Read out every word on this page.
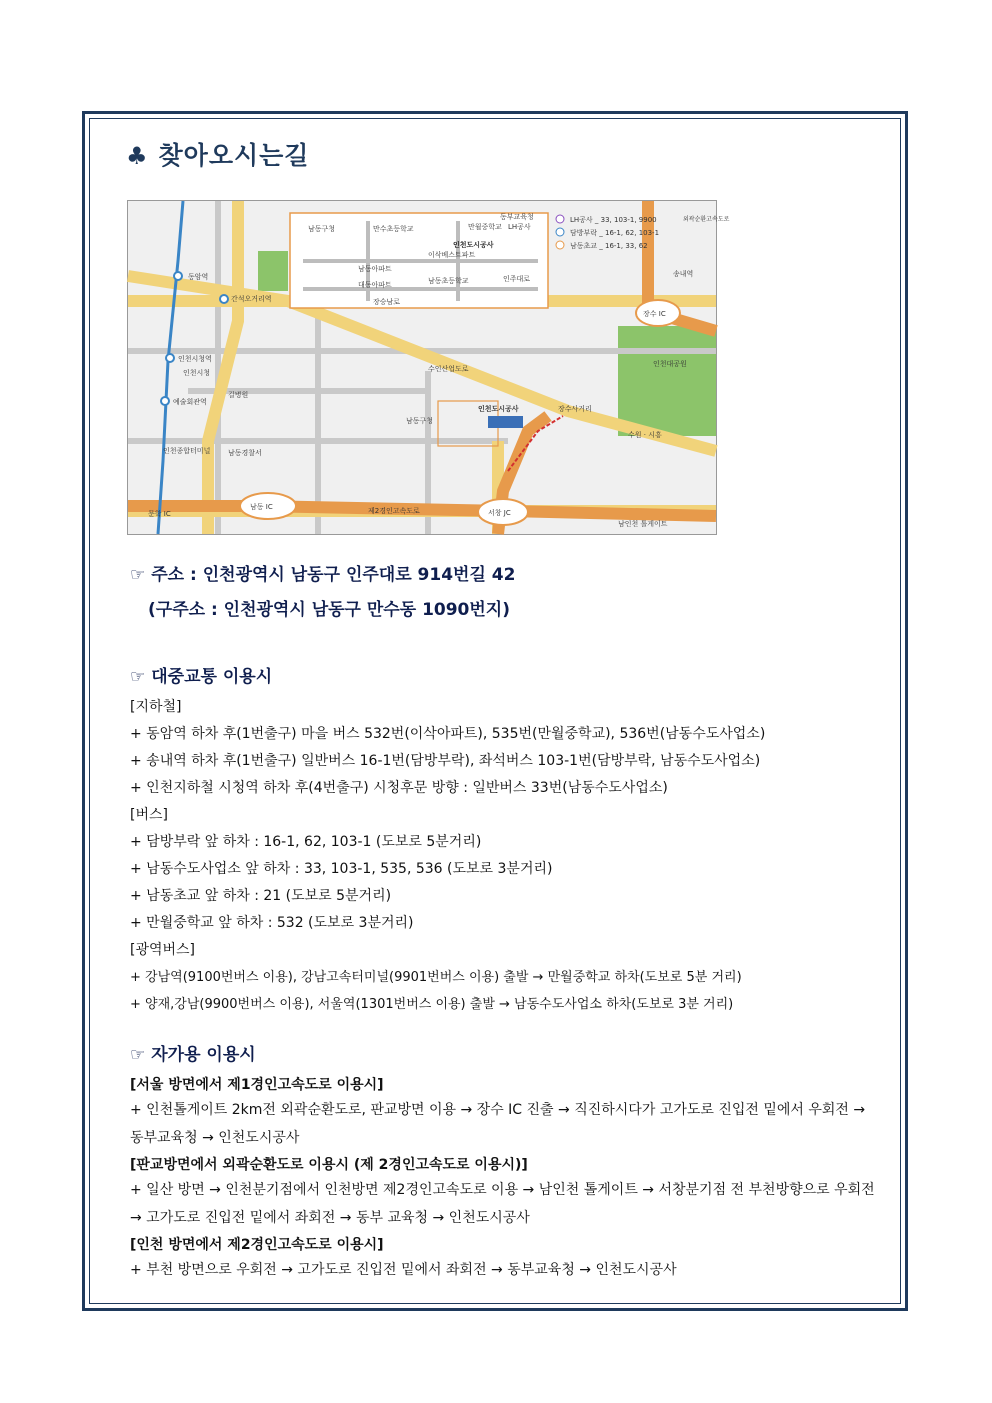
♣ 찾아오시는길
남동구청	만수초등학교	만월중학교 LH공사
동부교육청
인천도시공사
이삭베스트파트
남동아파트
남동초등학교
대동아파트
장승남로
인주대로
LH공사 _ 33, 103-1, 9900
담방부락 _ 16-1, 62, 103-1
남동초교 _ 16-1, 33, 62
동암역
간석오거리역
인천시청역
인천시청
예술회관역
길병원
인천종합터미널	남동경찰서
남동구청
인천도시공사	장수사거리
인천대공원
송내역
장수 IC
남동 IC
서창 JC
제2경인고속도로
수인산업도로
수원 · 시흥
문학 IC
남인천 톨게이트
외곽순환고속도로
☞ 주소 : 인천광역시 남동구 인주대로 914번길 42
(구주소 : 인천광역시 남동구 만수동 1090번지)
☞ 대중교통 이용시
[지하철]
+ 동암역 하차 후(1번출구) 마을 버스 532번(이삭아파트), 535번(만월중학교), 536번(남동수도사업소)
+ 송내역 하차 후(1번출구) 일반버스 16-1번(담방부락), 좌석버스 103-1번(담방부락, 남동수도사업소)
+ 인천지하철 시청역 하차 후(4번출구) 시청후문 방향 : 일반버스 33번(남동수도사업소)
[버스]
+ 담방부락 앞 하차 : 16-1, 62, 103-1 (도보로 5분거리)
+ 남동수도사업소 앞 하차 : 33, 103-1, 535, 536 (도보로 3분거리)
+ 남동초교 앞 하차 : 21 (도보로 5분거리)
+ 만월중학교 앞 하차 : 532 (도보로 3분거리)
[광역버스]
+ 강남역(9100번버스 이용), 강남고속터미널(9901번버스 이용) 출발 → 만월중학교 하차(도보로 5분 거리)
+ 양재,강남(9900번버스 이용), 서울역(1301번버스 이용) 출발 → 남동수도사업소 하차(도보로 3분 거리)
☞ 자가용 이용시
[서울 방면에서 제1경인고속도로 이용시]
+ 인천톨게이트 2km전 외곽순환도로, 판교방면 이용 → 장수 IC 진출 → 직진하시다가 고가도로 진입전 밑에서 우회전 → 동부교육청 → 인천도시공사
[판교방면에서 외곽순환도로 이용시 (제 2경인고속도로 이용시)]
+ 일산 방면 → 인천분기점에서 인천방면 제2경인고속도로 이용 → 남인천 톨게이트 → 서창분기점 전 부천방향으로 우회전 → 고가도로 진입전 밑에서 좌회전 → 동부 교육청 → 인천도시공사
[인천 방면에서 제2경인고속도로 이용시]
+ 부천 방면으로 우회전 → 고가도로 진입전 밑에서 좌회전 → 동부교육청 → 인천도시공사
